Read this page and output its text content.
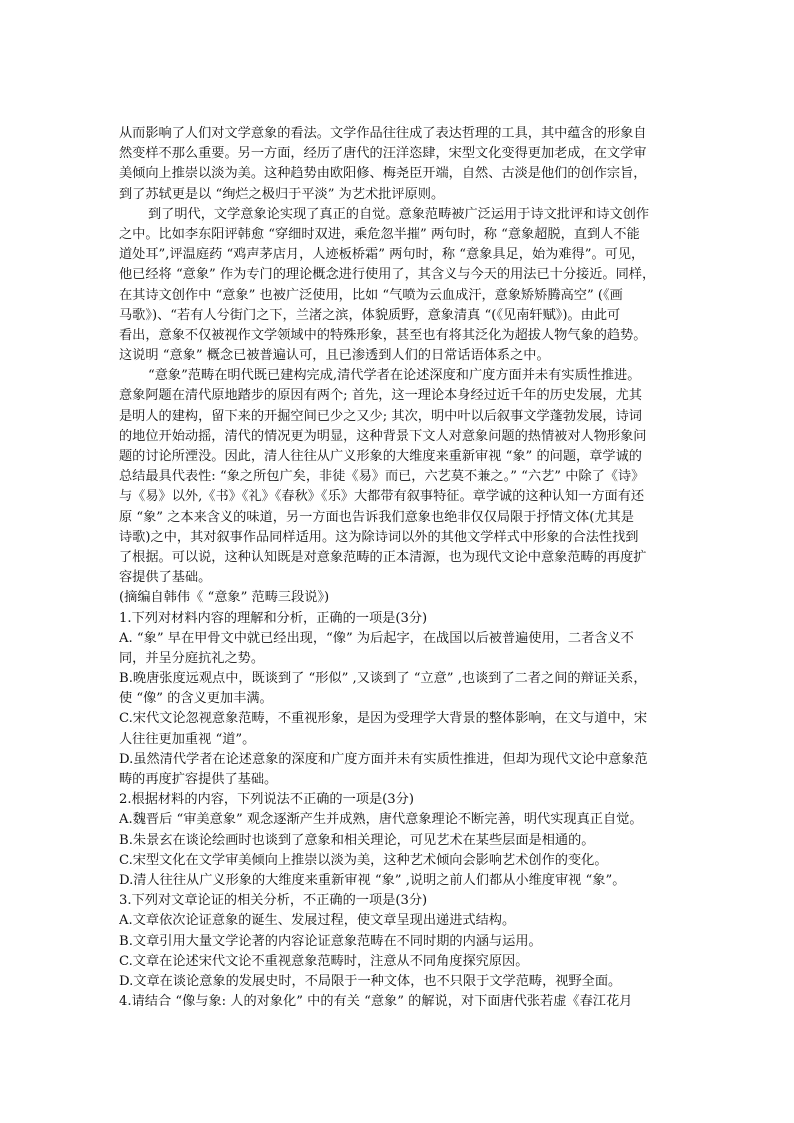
从而影响了人们对文学意象的看法。文学作品往往成了表达哲理的工具，其中蕴含的形象自
然变样不那么重要。另一方面，经历了唐代的汪洋恣肆，宋型文化变得更加老成，在文学审
美倾向上推崇以淡为美。这种趋势由欧阳修、梅尧臣开端，自然、古淡是他们的创作宗旨，
到了苏轼更是以 “绚烂之极归于平淡” 为艺术批评原则。
到了明代，文学意象论实现了真正的自觉。意象范畴被广泛运用于诗文批评和诗文创作
之中。比如李东阳评韩愈 “穿细时双进，乘危忽半摧” 两句时，称 “意象超脱，直到人不能
道处耳”,评温庭药 “鸡声茅店月，人迹板桥霜” 两句时，称 “意象具足，始为难得”。可见，
他已经将 “意象” 作为专门的理论概念进行使用了，其含义与今天的用法已十分接近。同样，
在其诗文创作中 “意象” 也被广泛使用，比如 “气喷为云血成汗，意象矫矫腾高空” (《画
马歌》)、“若有人兮街门之下，兰渚之滨，体貌质野，意象清真 “(《见南轩赋》)。由此可
看出，意象不仅被视作文学领域中的特殊形象，甚至也有将其泛化为超拔人物气象的趋势。
这说明 “意象” 概念已被普遍认可，且已渗透到人们的日常话语体系之中。
“意象”范畴在明代既已建构完成,清代学者在论述深度和广度方面并未有实质性推进。
意象阿题在清代原地踏步的原因有两个; 首先，这一理论本身经过近千年的历史发展，尤其
是明人的建构，留下来的开掘空间已少之又少; 其次，明中叶以后叙事文学蓬勃发展，诗词
的地位开始动摇，清代的情况更为明显，这种背景下文人对意象问题的热情被对人物形象问
题的讨论所湮没。因此，清人往往从广义形象的大维度来重新审视 “象” 的问题，章学诚的
总结最具代表性: “象之所包广矣，非徒《易》而已，六艺莫不兼之。” “六艺” 中除了《诗》
与《易》以外,《书》《礼》《春秋》《乐》大都带有叙事特征。章学诚的这种认知一方面有还
原 “象” 之本来含义的味道，另一方面也告诉我们意象也绝非仅仅局限于抒情文体(尤其是
诗歌)之中，其对叙事作品同样适用。这为除诗词以外的其他文学样式中形象的合法性找到
了根据。可以说，这种认知既是对意象范畴的正本清源，也为现代文论中意象范畴的再度扩
容提供了基础。
(摘编自韩伟《 “意象” 范畴三段说》)
1.下列对材料内容的理解和分析，正确的一项是(3分)
A. “象” 早在甲骨文中就已经出现，“像” 为后起字，在战国以后被普遍使用，二者含义不
同，并呈分庭抗礼之势。
B.晚唐张度远观点中，既谈到了 “形似” ,又谈到了 “立意” ,也谈到了二者之间的辩证关系，
使 “像” 的含义更加丰满。
C.宋代文论忽视意象范畴，不重视形象，是因为受理学大背景的整体影响，在文与道中，宋
人往往更加重视 “道”。
D.虽然清代学者在论述意象的深度和广度方面并未有实质性推进，但却为现代文论中意象范
畴的再度扩容提供了基础。
2.根据材料的内容，下列说法不正确的一项是(3分)
A.魏晋后 “审美意象” 观念逐渐产生并成熟，唐代意象理论不断完善，明代实现真正自觉。
B.朱景玄在谈论绘画时也谈到了意象和相关理论，可见艺术在某些层面是相通的。
C.宋型文化在文学审美倾向上推崇以淡为美，这种艺术倾向会影响艺术创作的变化。
D.清人往往从广义形象的大维度来重新审视 “象” ,说明之前人们都从小维度审视 “象”。
3.下列对文章论证的相关分析，不正确的一项是(3分)
A.文章依次论证意象的诞生、发展过程，使文章呈现出递进式结构。
B.文章引用大量文学论著的内容论证意象范畴在不同时期的内涵与运用。
C.文章在论述宋代文论不重视意象范畴时，注意从不同角度探究原因。
D.文章在谈论意象的发展史时，不局限于一种文体，也不只限于文学范畴，视野全面。
4.请结合 “像与象: 人的对象化” 中的有关 “意象” 的解说，对下面唐代张若虚《春江花月
